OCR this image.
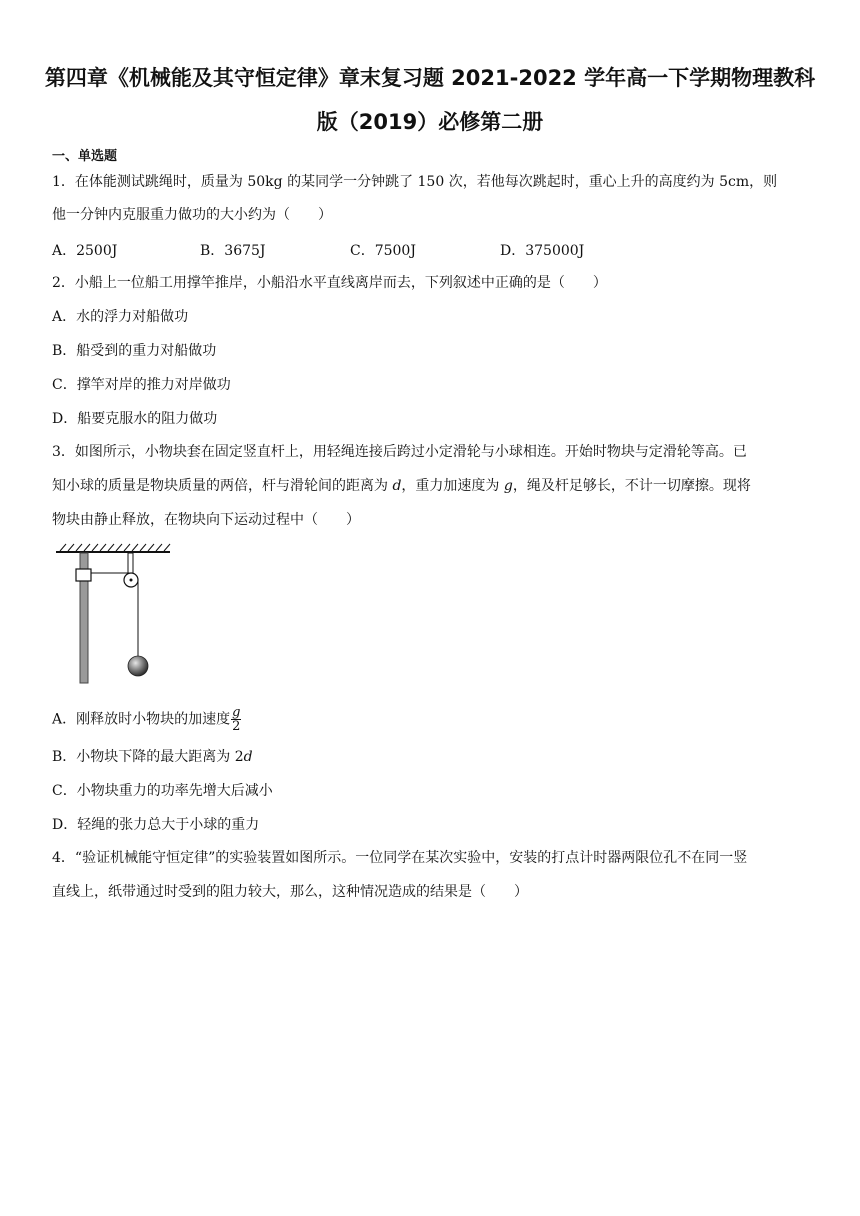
第四章《机械能及其守恒定律》章末复习题 2021-2022 学年高一下学期物理教科
版（2019）必修第二册
一、单选题
1．在体能测试跳绳时，质量为 50kg 的某同学一分钟跳了 150 次，若他每次跳起时，重心上升的高度约为 5cm，则
他一分钟内克服重力做功的大小约为（　　）
A．2500J	B．3675J	C．7500J	D．375000J
2．小船上一位船工用撑竿推岸，小船沿水平直线离岸而去，下列叙述中正确的是（　　）
A．水的浮力对船做功
B．船受到的重力对船做功
C．撑竿对岸的推力对岸做功
D．船要克服水的阻力做功
3．如图所示，小物块套在固定竖直杆上，用轻绳连接后跨过小定滑轮与小球相连。开始时物块与定滑轮等高。已
知小球的质量是物块质量的两倍，杆与滑轮间的距离为 d，重力加速度为 g，绳及杆足够长，不计一切摩擦。现将
物块由静止释放，在物块向下运动过程中（　　）
A．刚释放时小物块的加速度 $\frac{g}{2}$
B．小物块下降的最大距离为 2d
C．小物块重力的功率先增大后减小
D．轻绳的张力总大于小球的重力
4．“验证机械能守恒定律”的实验装置如图所示。一位同学在某次实验中，安装的打点计时器两限位孔不在同一竖
直线上，纸带通过时受到的阻力较大，那么，这种情况造成的结果是（　　）
